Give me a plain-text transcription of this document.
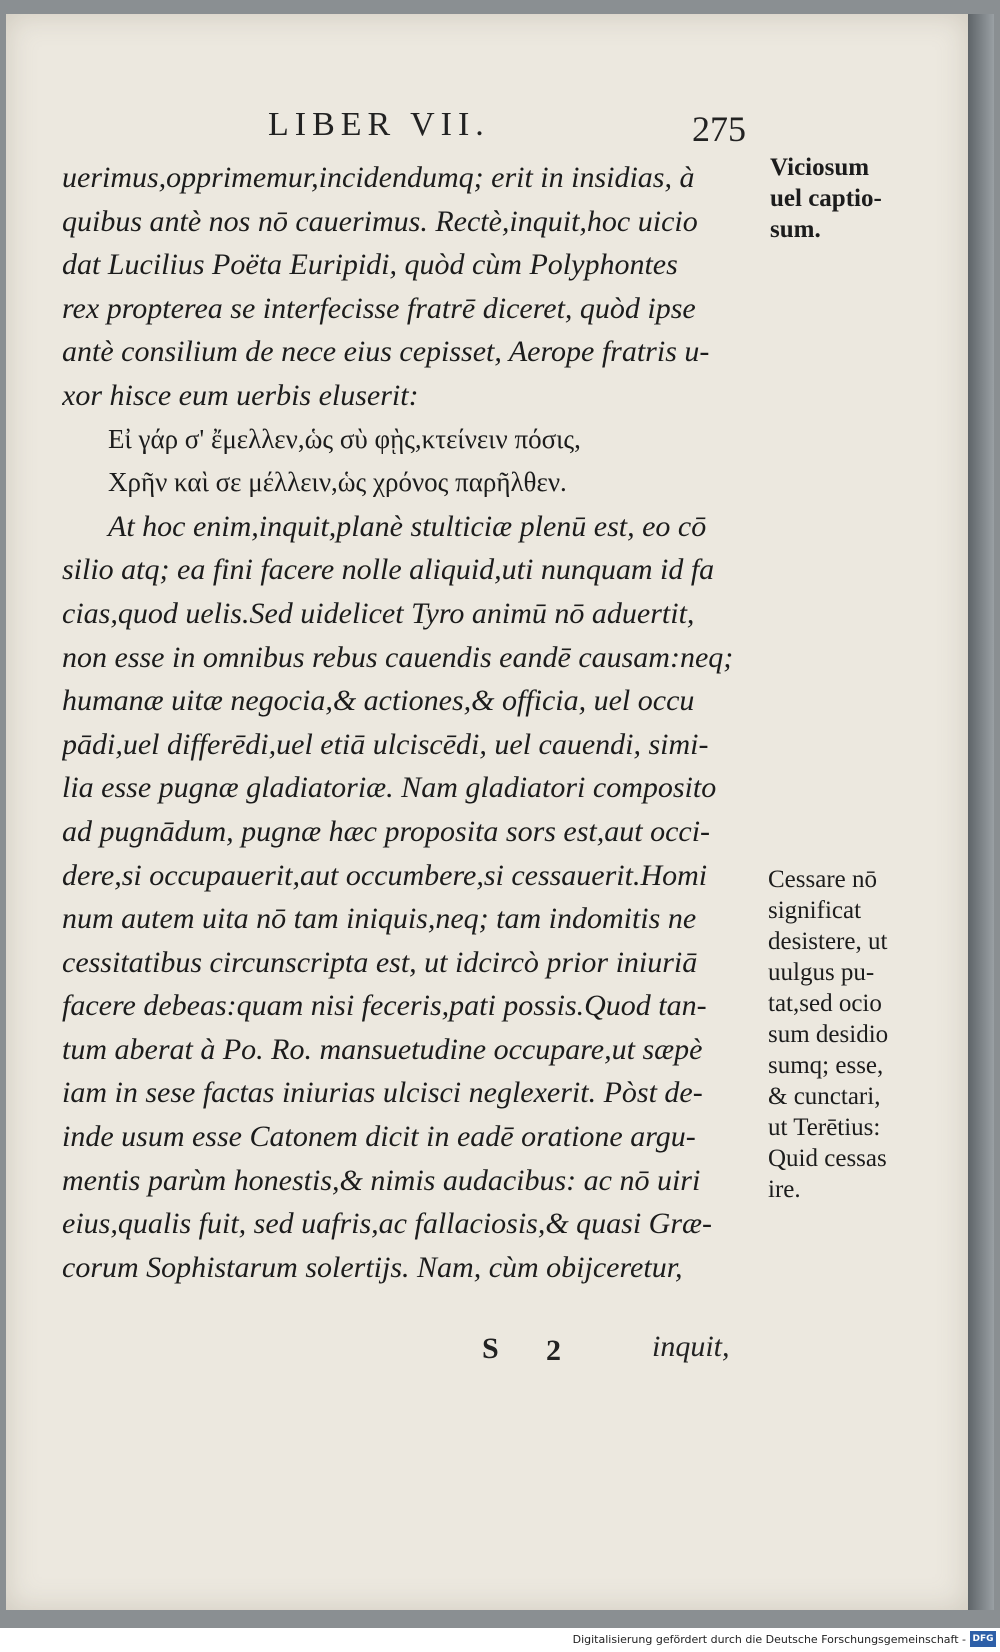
LIBER VII.	275
uerimus,opprimemur,incidendumq; erit in insidias, à
quibus antè nos nō cauerimus. Rectè,inquit,hoc uicio
dat Lucilius Poëta Euripidi, quòd cùm Polyphontes
rex propterea se interfecisse fratrē diceret, quòd ipse
antè consilium de nece eius cepisset, Aerope fratris u-
xor hisce eum uerbis eluserit:
Εἰ γάρ σ' ἔμελλεν,ὡς σὺ φῂς,κτείνειν πόσις,
Χρῆν καὶ σε μέλλειν,ὡς χρόνος παρῆλθεν.
At hoc enim,inquit,planè stulticiæ plenū est, eo cō
silio atq; ea fini facere nolle aliquid,uti nunquam id fa
cias,quod uelis.Sed uidelicet Tyro animū nō aduertit,
non esse in omnibus rebus cauendis eandē causam:neq;
humanæ uitæ negocia,& actiones,& officia, uel occu
pādi,uel differēdi,uel etiā ulciscēdi, uel cauendi, simi-
lia esse pugnæ gladiatoriæ. Nam gladiatori composito
ad pugnādum, pugnæ hæc proposita sors est,aut occi-
dere,si occupauerit,aut occumbere,si cessauerit.Homi
num autem uita nō tam iniquis,neq; tam indomitis ne
cessitatibus circunscripta est, ut idcircò prior iniuriā
facere debeas:quam nisi feceris,pati possis.Quod tan-
tum aberat à Po. Ro. mansuetudine occupare,ut sæpè
iam in sese factas iniurias ulcisci neglexerit. Pòst de-
inde usum esse Catonem dicit in eadē oratione argu-
mentis parùm honestis,& nimis audacibus: ac nō uiri
eius,qualis fuit, sed uafris,ac fallaciosis,& quasi Græ-
corum Sophistarum solertijs. Nam, cùm obijceretur,
Viciosum
uel captio-
sum.
Cessare nō
significat
desistere, ut
uulgus pu-
tat,sed ocio
sum desidio
sumq; esse,
& cunctari,
ut Terētius:
Quid cessas
ire.
S 2	inquit,
Digitalisierung gefördert durch die Deutsche Forschungsgemeinschaft - DFG
